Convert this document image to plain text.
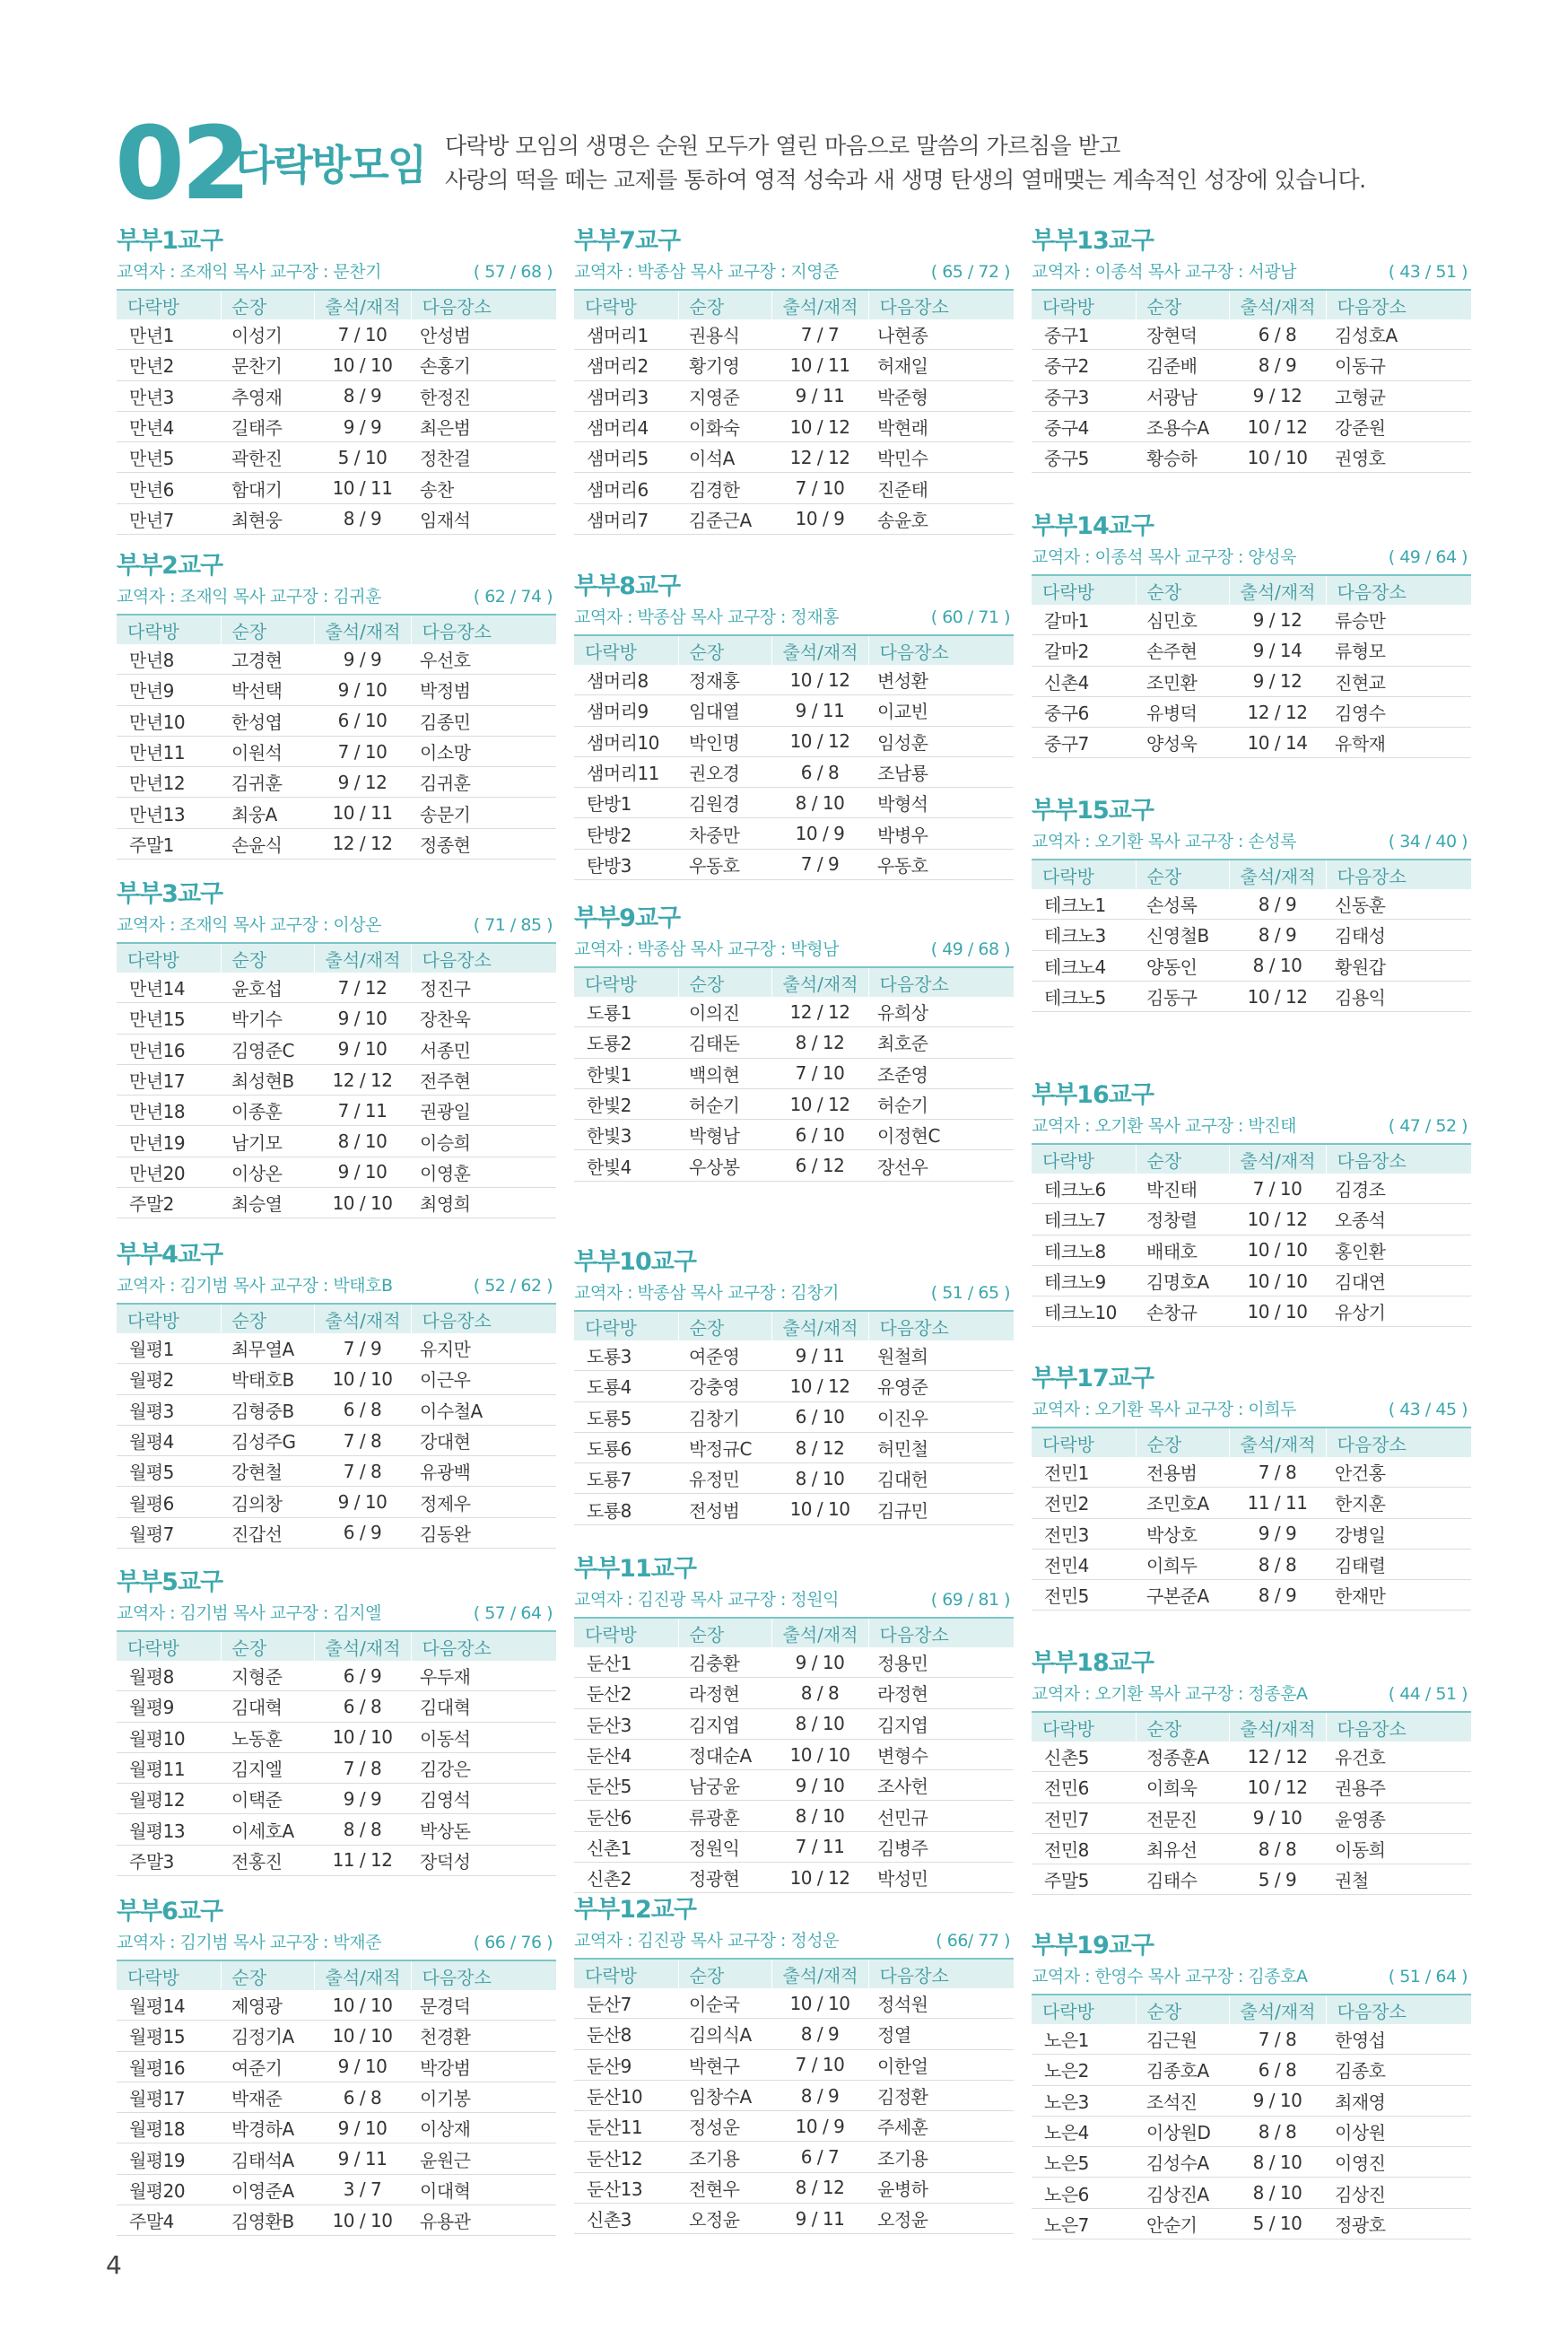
02
다락방모임 다락방 모임의 생명은 순원 모두가 열린 마음으로 말씀의 가르침을 받고
사랑의 떡을 떼는 교제를 통하여 영적 성숙과 새 생명 탄생의 열매맺는 계속적인 성장에 있습니다.
부부1교구
교역자 : 조재익 목사 교구장 : 문찬기	( 57 / 68 )
다락방	순장	출석/재적	다음장소
만년1	이성기	7 / 10	안성범
만년2	문찬기	10 / 10	손홍기
만년3	추영재	8 / 9	한정진
만년4	길태주	9 / 9	최은범
만년5	곽한진	5 / 10	정찬걸
만년6	함대기	10 / 11	송찬
만년7	최현웅	8 / 9	임재석
부부2교구
교역자 : 조재익 목사 교구장 : 김귀훈	( 62 / 74 )
다락방	순장	출석/재적	다음장소
만년8	고경현	9 / 9	우선호
만년9	박선택	9 / 10	박정범
만년10	한성엽	6 / 10	김종민
만년11	이원석	7 / 10	이소망
만년12	김귀훈	9 / 12	김귀훈
만년13	최웅A	10 / 11	송문기
주말1	손윤식	12 / 12	정종현
부부3교구
교역자 : 조재익 목사 교구장 : 이상온	( 71 / 85 )
다락방	순장	출석/재적	다음장소
만년14	윤호섭	7 / 12	정진구
만년15	박기수	9 / 10	장찬욱
만년16	김영준C	9 / 10	서종민
만년17	최성현B	12 / 12	전주현
만년18	이종훈	7 / 11	권광일
만년19	남기모	8 / 10	이승희
만년20	이상온	9 / 10	이영훈
주말2	최승열	10 / 10	최영희
부부4교구
교역자 : 김기범 목사 교구장 : 박태호B	( 52 / 62 )
다락방	순장	출석/재적	다음장소
월평1	최무열A	7 / 9	유지만
월평2	박태호B	10 / 10	이근우
월평3	김형중B	6 / 8	이수철A
월평4	김성주G	7 / 8	강대현
월평5	강현철	7 / 8	유광백
월평6	김의창	9 / 10	정제우
월평7	진갑선	6 / 9	김동완
부부5교구
교역자 : 김기범 목사 교구장 : 김지엘	( 57 / 64 )
다락방	순장	출석/재적	다음장소
월평8	지형준	6 / 9	우두재
월평9	김대혁	6 / 8	김대혁
월평10	노동훈	10 / 10	이동석
월평11	김지엘	7 / 8	김강은
월평12	이택준	9 / 9	김영석
월평13	이세호A	8 / 8	박상돈
주말3	전홍진	11 / 12	장덕성
부부6교구
교역자 : 김기범 목사 교구장 : 박재준	( 66 / 76 )
다락방	순장	출석/재적	다음장소
월평14	제영광	10 / 10	문경덕
월평15	김정기A	10 / 10	천경환
월평16	여준기	9 / 10	박강범
월평17	박재준	6 / 8	이기봉
월평18	박경하A	9 / 10	이상재
월평19	김태석A	9 / 11	윤원근
월평20	이영준A	3 / 7	이대혁
주말4	김영환B	10 / 10	유용관
부부7교구
교역자 : 박종삼 목사 교구장 : 지영준	( 65 / 72 )
다락방	순장	출석/재적	다음장소
샘머리1	권용식	7 / 7	나현종
샘머리2	황기영	10 / 11	허재일
샘머리3	지영준	9 / 11	박준형
샘머리4	이화숙	10 / 12	박현래
샘머리5	이석A	12 / 12	박민수
샘머리6	김경한	7 / 10	진준태
샘머리7	김준근A	10 / 9	송윤호
부부8교구
교역자 : 박종삼 목사 교구장 : 정재홍	( 60 / 71 )
다락방	순장	출석/재적	다음장소
샘머리8	정재홍	10 / 12	변성환
샘머리9	임대열	9 / 11	이교빈
샘머리10	박인명	10 / 12	임성훈
샘머리11	권오경	6 / 8	조남룡
탄방1	김원경	8 / 10	박형석
탄방2	차중만	10 / 9	박병우
탄방3	우동호	7 / 9	우동호
부부9교구
교역자 : 박종삼 목사 교구장 : 박형남	( 49 / 68 )
다락방	순장	출석/재적	다음장소
도룡1	이의진	12 / 12	유희상
도룡2	김태돈	8 / 12	최호준
한빛1	백의현	7 / 10	조준영
한빛2	허순기	10 / 12	허순기
한빛3	박형남	6 / 10	이정현C
한빛4	우상봉	6 / 12	장선우
부부10교구
교역자 : 박종삼 목사 교구장 : 김창기	( 51 / 65 )
다락방	순장	출석/재적	다음장소
도룡3	여준영	9 / 11	원철희
도룡4	강충영	10 / 12	유영준
도룡5	김창기	6 / 10	이진우
도룡6	박정규C	8 / 12	허민철
도룡7	유정민	8 / 10	김대헌
도룡8	전성범	10 / 10	김규민
부부11교구
교역자 : 김진광 목사 교구장 : 정원익	( 69 / 81 )
다락방	순장	출석/재적	다음장소
둔산1	김충환	9 / 10	정용민
둔산2	라정현	8 / 8	라정현
둔산3	김지엽	8 / 10	김지엽
둔산4	정대순A	10 / 10	변형수
둔산5	남궁윤	9 / 10	조사헌
둔산6	류광훈	8 / 10	선민규
신촌1	정원익	7 / 11	김병주
신촌2	정광현	10 / 12	박성민
부부12교구
교역자 : 김진광 목사 교구장 : 정성운	( 66/ 77 )
다락방	순장	출석/재적	다음장소
둔산7	이순국	10 / 10	정석원
둔산8	김의식A	8 / 9	정열
둔산9	박현구	7 / 10	이한얼
둔산10	임창수A	8 / 9	김정환
둔산11	정성운	10 / 9	주세훈
둔산12	조기용	6 / 7	조기용
둔산13	전현우	8 / 12	윤병하
신촌3	오정윤	9 / 11	오정윤
부부13교구
교역자 : 이종석 목사 교구장 : 서광남	( 43 / 51 )
다락방	순장	출석/재적	다음장소
중구1	장현덕	6 / 8	김성호A
중구2	김준배	8 / 9	이동규
중구3	서광남	9 / 12	고형균
중구4	조용수A	10 / 12	강준원
중구5	황승하	10 / 10	권영호
부부14교구
교역자 : 이종석 목사 교구장 : 양성욱	( 49 / 64 )
다락방	순장	출석/재적	다음장소
갈마1	심민호	9 / 12	류승만
갈마2	손주현	9 / 14	류형모
신촌4	조민환	9 / 12	진현교
중구6	유병덕	12 / 12	김영수
중구7	양성욱	10 / 14	유학재
부부15교구
교역자 : 오기환 목사 교구장 : 손성록	( 34 / 40 )
다락방	순장	출석/재적	다음장소
테크노1	손성록	8 / 9	신동훈
테크노3	신영철B	8 / 9	김태성
테크노4	양동인	8 / 10	황원갑
테크노5	김동구	10 / 12	김용익
부부16교구
교역자 : 오기환 목사 교구장 : 박진태	( 47 / 52 )
다락방	순장	출석/재적	다음장소
테크노6	박진태	7 / 10	김경조
테크노7	정창렬	10 / 12	오종석
테크노8	배태호	10 / 10	홍인환
테크노9	김명호A	10 / 10	김대연
테크노10	손창규	10 / 10	유상기
부부17교구
교역자 : 오기환 목사 교구장 : 이희두	( 43 / 45 )
다락방	순장	출석/재적	다음장소
전민1	전용범	7 / 8	안건홍
전민2	조민호A	11 / 11	한지훈
전민3	박상호	9 / 9	강병일
전민4	이희두	8 / 8	김태렬
전민5	구본준A	8 / 9	한재만
부부18교구
교역자 : 오기환 목사 교구장 : 정종훈A	( 44 / 51 )
다락방	순장	출석/재적	다음장소
신촌5	정종훈A	12 / 12	유건호
전민6	이희욱	10 / 12	권용주
전민7	전문진	9 / 10	윤영종
전민8	최유선	8 / 8	이동희
주말5	김태수	5 / 9	권철
부부19교구
교역자 : 한영수 목사 교구장 : 김종호A	( 51 / 64 )
다락방	순장	출석/재적	다음장소
노은1	김근원	7 / 8	한영섭
노은2	김종호A	6 / 8	김종호
노은3	조석진	9 / 10	최재영
노은4	이상원D	8 / 8	이상원
노은5	김성수A	8 / 10	이영진
노은6	김상진A	8 / 10	김상진
노은7	안순기	5 / 10	정광호
4
